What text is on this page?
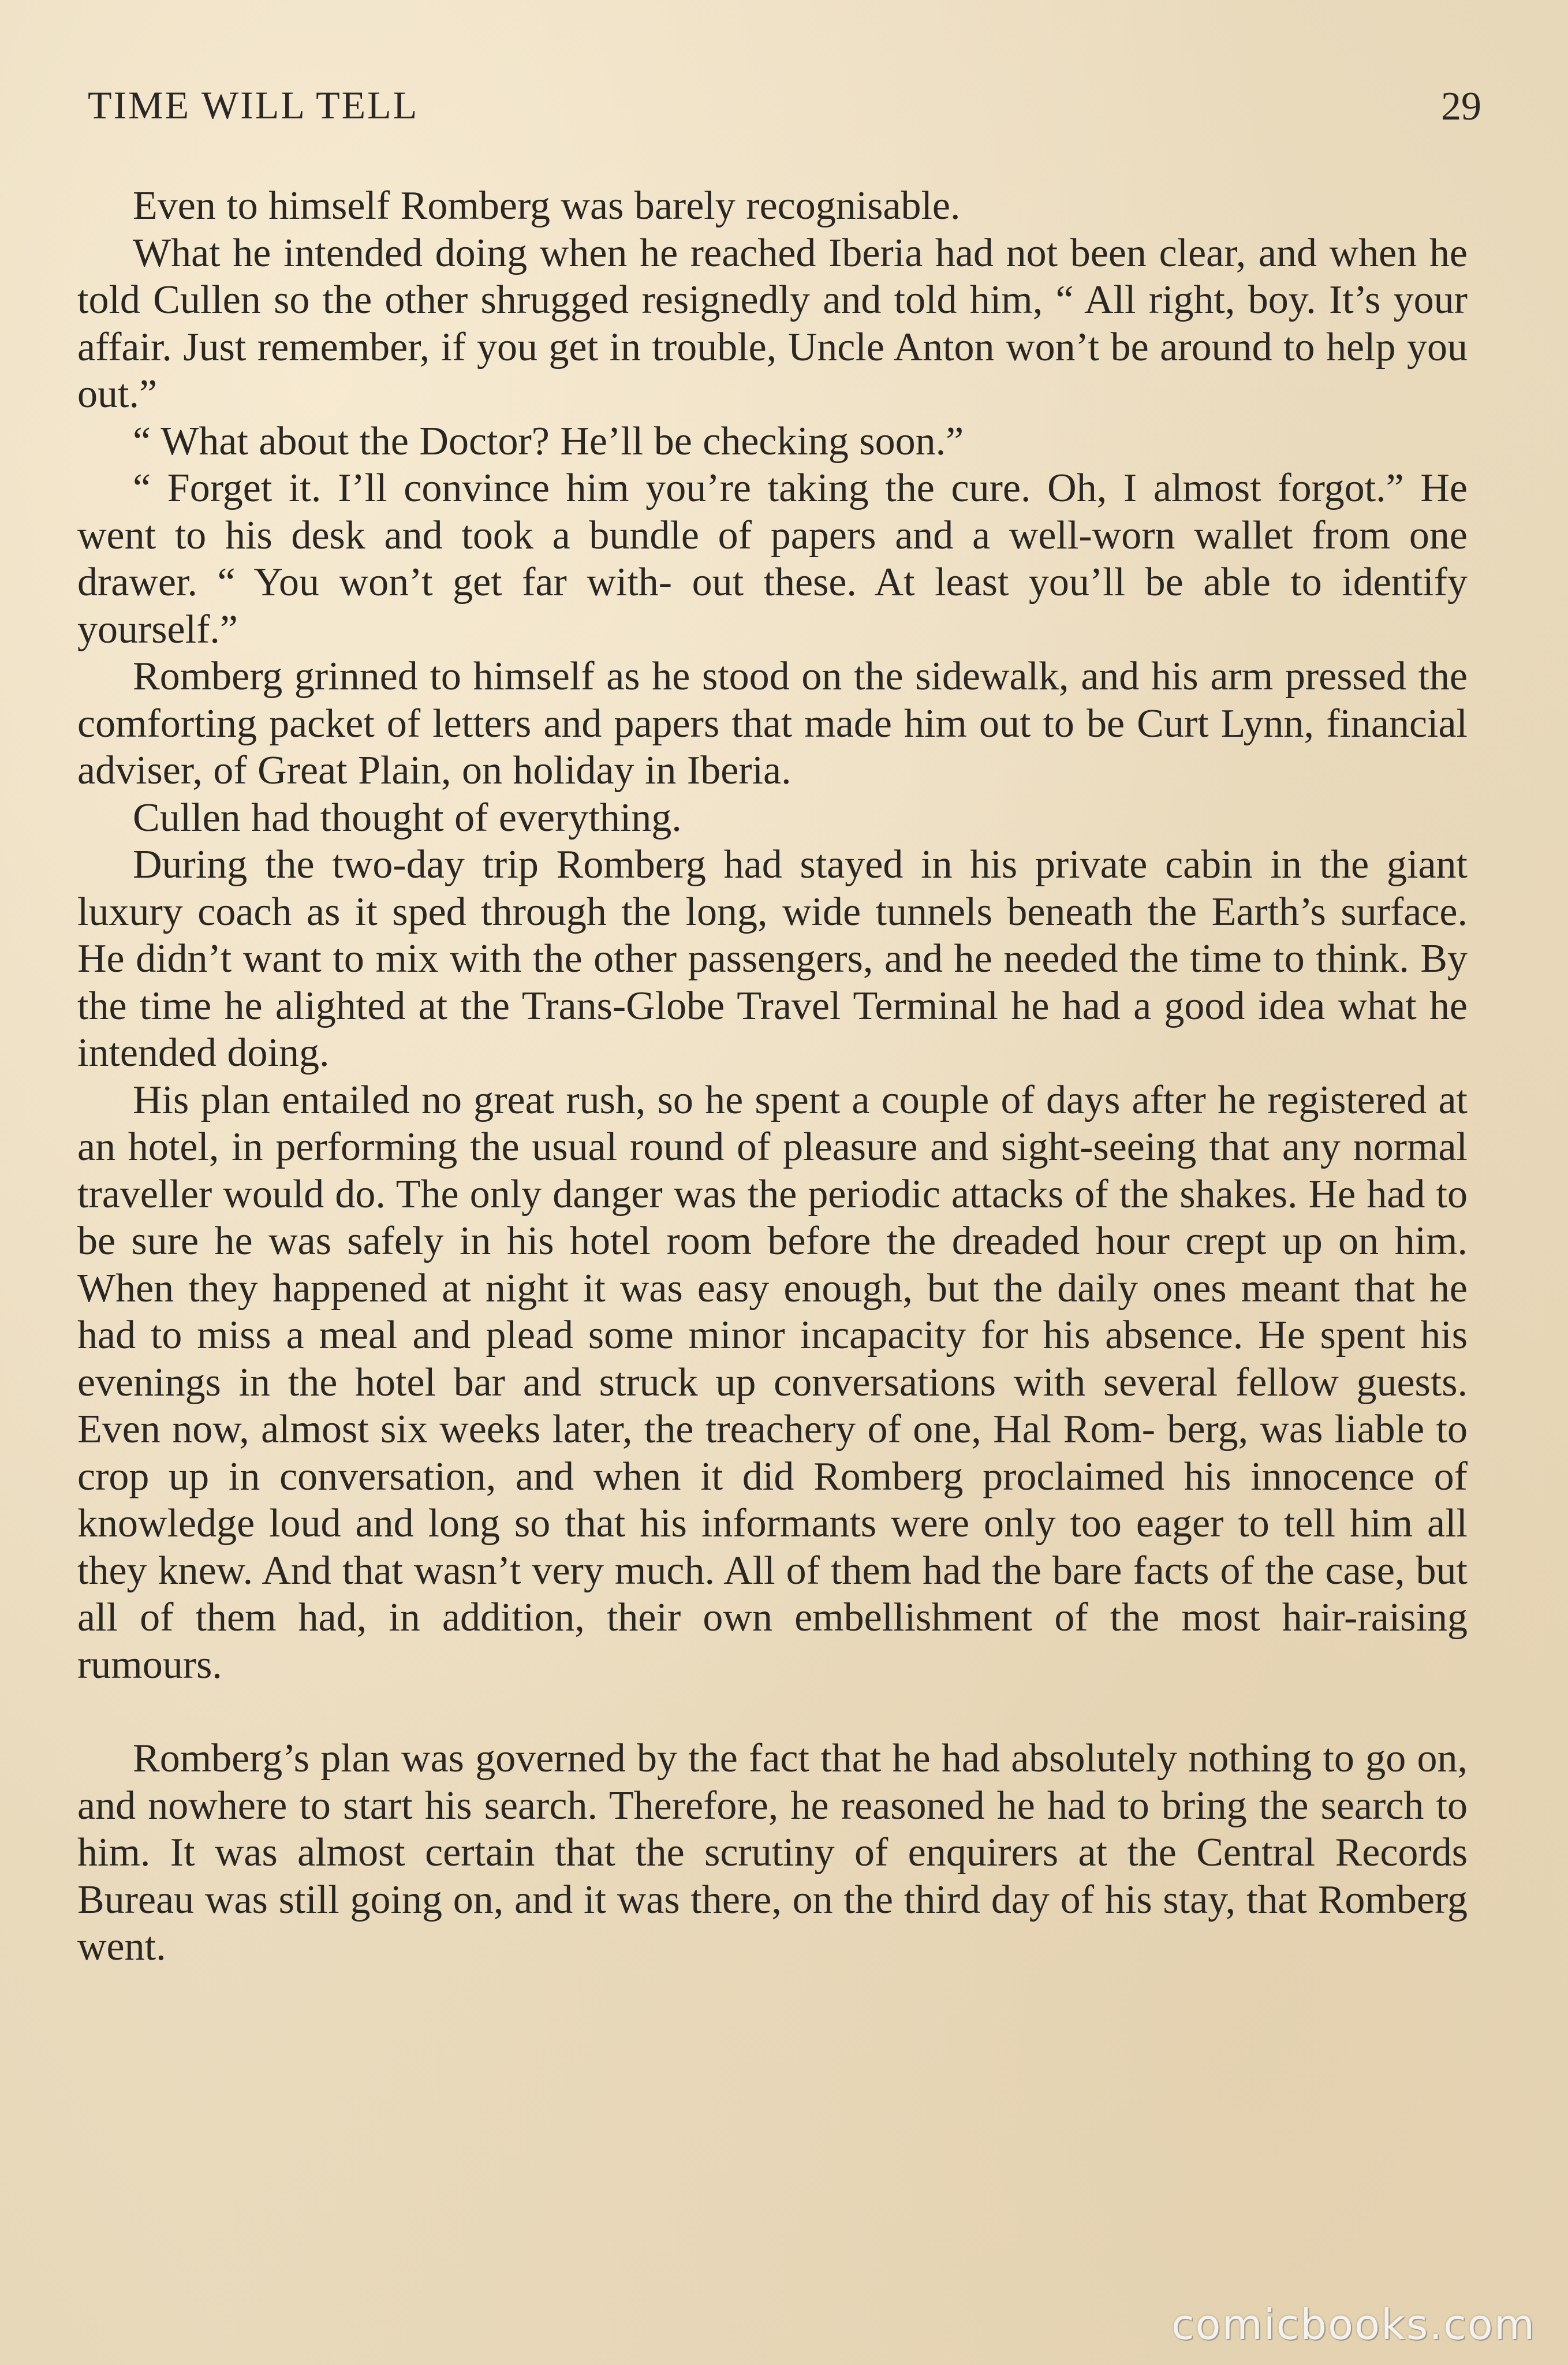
TIME WILL TELL	29

Even to himself Romberg was barely recognisable.

What he intended doing when he reached Iberia had not been clear, and when he told Cullen so the other shrugged resignedly and told him, “ All right, boy. It’s your affair. Just remember, if you get in trouble, Uncle Anton won’t be around to help you out.”

“ What about the Doctor? He’ll be checking soon.”

“ Forget it. I’ll convince him you’re taking the cure. Oh, I almost forgot.” He went to his desk and took a bundle of papers and a well-worn wallet from one drawer. “ You won’t get far with- out these. At least you’ll be able to identify yourself.”

Romberg grinned to himself as he stood on the sidewalk, and his arm pressed the comforting packet of letters and papers that made him out to be Curt Lynn, financial adviser, of Great Plain, on holiday in Iberia.

Cullen had thought of everything.

During the two-day trip Romberg had stayed in his private cabin in the giant luxury coach as it sped through the long, wide tunnels beneath the Earth’s surface. He didn’t want to mix with the other passengers, and he needed the time to think. By the time he alighted at the Trans-Globe Travel Terminal he had a good idea what he intended doing.

His plan entailed no great rush, so he spent a couple of days after he registered at an hotel, in performing the usual round of pleasure and sight-seeing that any normal traveller would do. The only danger was the periodic attacks of the shakes. He had to be sure he was safely in his hotel room before the dreaded hour crept up on him. When they happened at night it was easy enough, but the daily ones meant that he had to miss a meal and plead some minor incapacity for his absence. He spent his evenings in the hotel bar and struck up conversations with several fellow guests. Even now, almost six weeks later, the treachery of one, Hal Rom- berg, was liable to crop up in conversation, and when it did Romberg proclaimed his innocence of knowledge loud and long so that his informants were only too eager to tell him all they knew. And that wasn’t very much. All of them had the bare facts of the case, but all of them had, in addition, their own embellishment of the most hair-raising rumours.

Romberg’s plan was governed by the fact that he had absolutely nothing to go on, and nowhere to start his search. Therefore, he reasoned he had to bring the search to him. It was almost certain that the scrutiny of enquirers at the Central Records Bureau was still going on, and it was there, on the third day of his stay, that Romberg went.

comicbooks.com
